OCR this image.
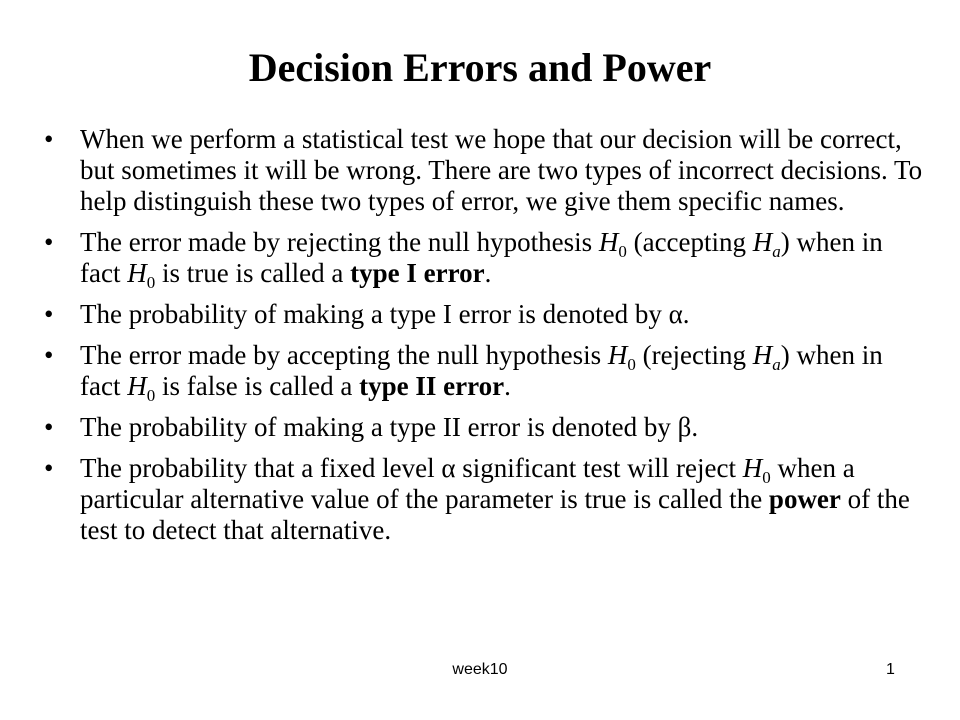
Decision Errors and Power
• When we perform a statistical test we hope that our decision will be correct, but sometimes it will be wrong. There are two types of incorrect decisions. To help distinguish these two types of error, we give them specific names.
• The error made by rejecting the null hypothesis $H_0$ (accepting $H_a$) when in fact $H_0$ is true is called a type I error.
• The probability of making a type I error is denoted by α.
• The error made by accepting the null hypothesis $H_0$ (rejecting $H_a$) when in fact $H_0$ is false is called a type II error.
• The probability of making a type II error is denoted by β.
• The probability that a fixed level α significant test will reject $H_0$ when a particular alternative value of the parameter is true is called the power of the test to detect that alternative.
week10	1
